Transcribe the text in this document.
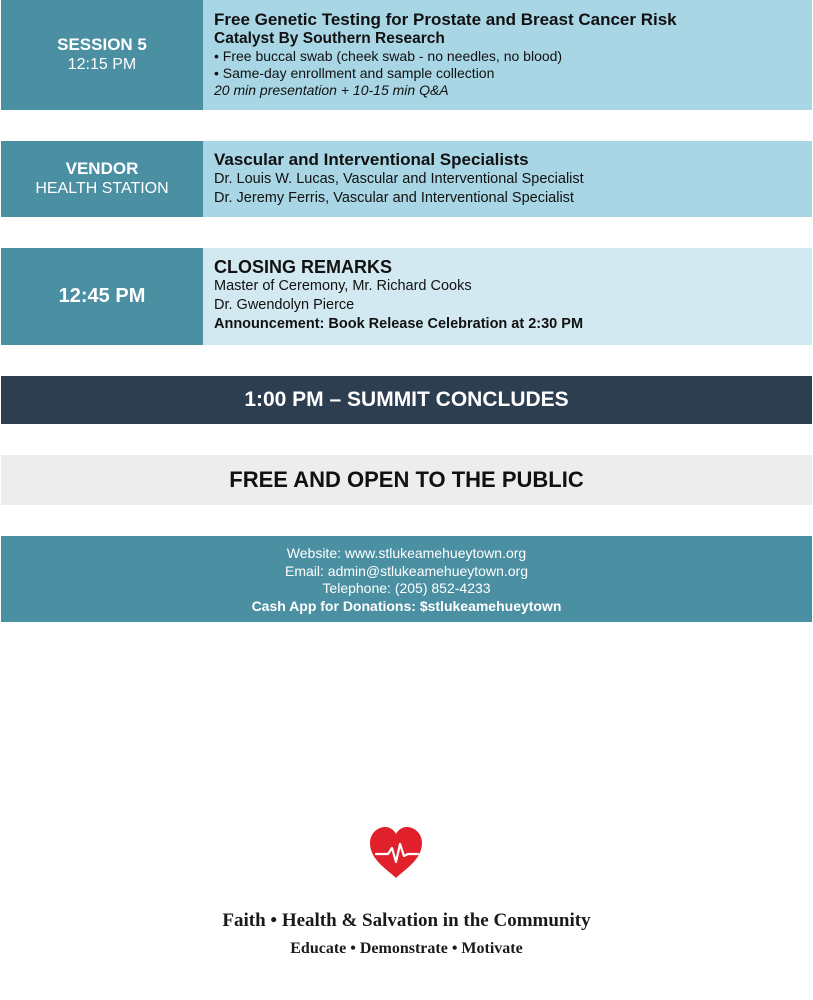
SESSION 5
12:15 PM
Free Genetic Testing for Prostate and Breast Cancer Risk
Catalyst By Southern Research
• Free buccal swab (cheek swab - no needles, no blood)
• Same-day enrollment and sample collection
20 min presentation + 10-15 min Q&A
VENDOR
HEALTH STATION
Vascular and Interventional Specialists
Dr. Louis W. Lucas, Vascular and Interventional Specialist
Dr. Jeremy Ferris, Vascular and Interventional Specialist
12:45 PM
CLOSING REMARKS
Master of Ceremony, Mr. Richard Cooks
Dr. Gwendolyn Pierce
Announcement: Book Release Celebration at 2:30 PM
1:00 PM – SUMMIT CONCLUDES
FREE AND OPEN TO THE PUBLIC
Website: www.stlukeamehueytown.org
Email: admin@stlukeamehueytown.org
Telephone: (205) 852-4233
Cash App for Donations: $stlukeamehueytown
Faith • Health & Salvation in the Community
Educate • Demonstrate • Motivate
